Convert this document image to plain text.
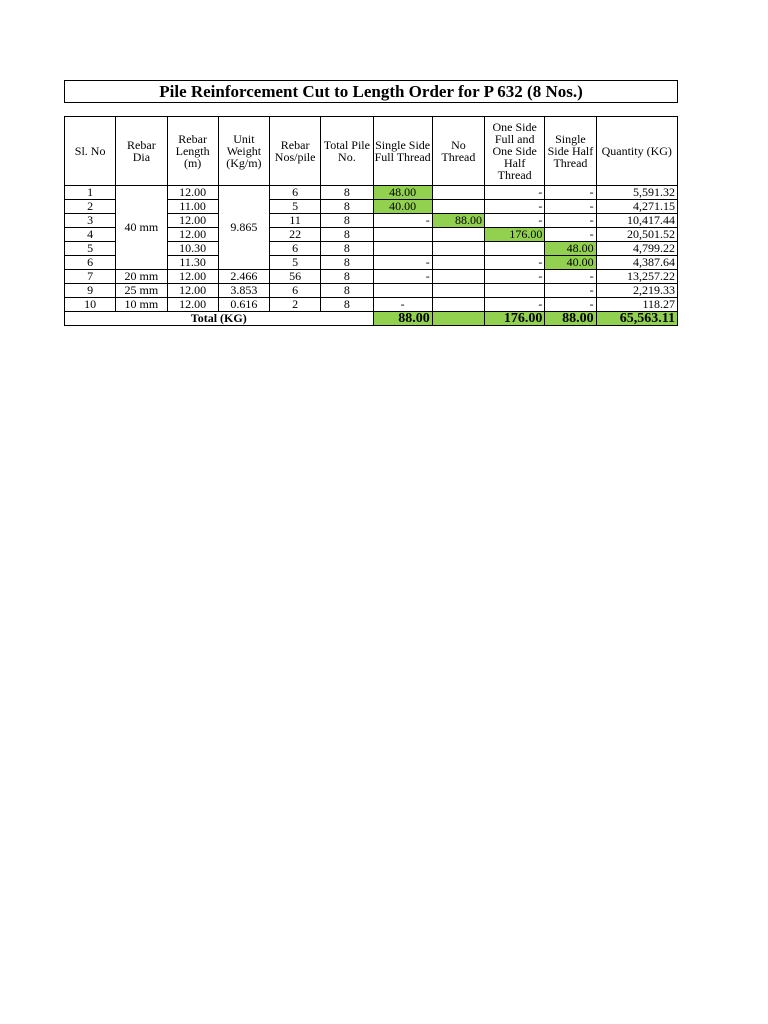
Pile Reinforcement Cut to Length Order for P 632 (8 Nos.)
Sl. No	Rebar Dia	Rebar Length (m)	Unit Weight (Kg/m)	Rebar Nos/pile	Total Pile No.	Single Side Full Thread	No Thread	One Side Full and One Side Half Thread	Single Side Half Thread	Quantity (KG)
1	40 mm	12.00	9.865	6	8	48.00		-	-	5,591.32
2		11.00		5	8	40.00		-	-	4,271.15
3		12.00		11	8	-	88.00	-	-	10,417.44
4		12.00		22	8			176.00	-	20,501.52
5		10.30		6	8				48.00	4,799.22
6		11.30		5	8	-		-	40.00	4,387.64
7	20 mm	12.00	2.466	56	8	-		-	-	13,257.22
9	25 mm	12.00	3.853	6	8				-	2,219.33
10	10 mm	12.00	0.616	2	8	-		-	-	118.27
Total (KG)						88.00		176.00	88.00	65,563.11
